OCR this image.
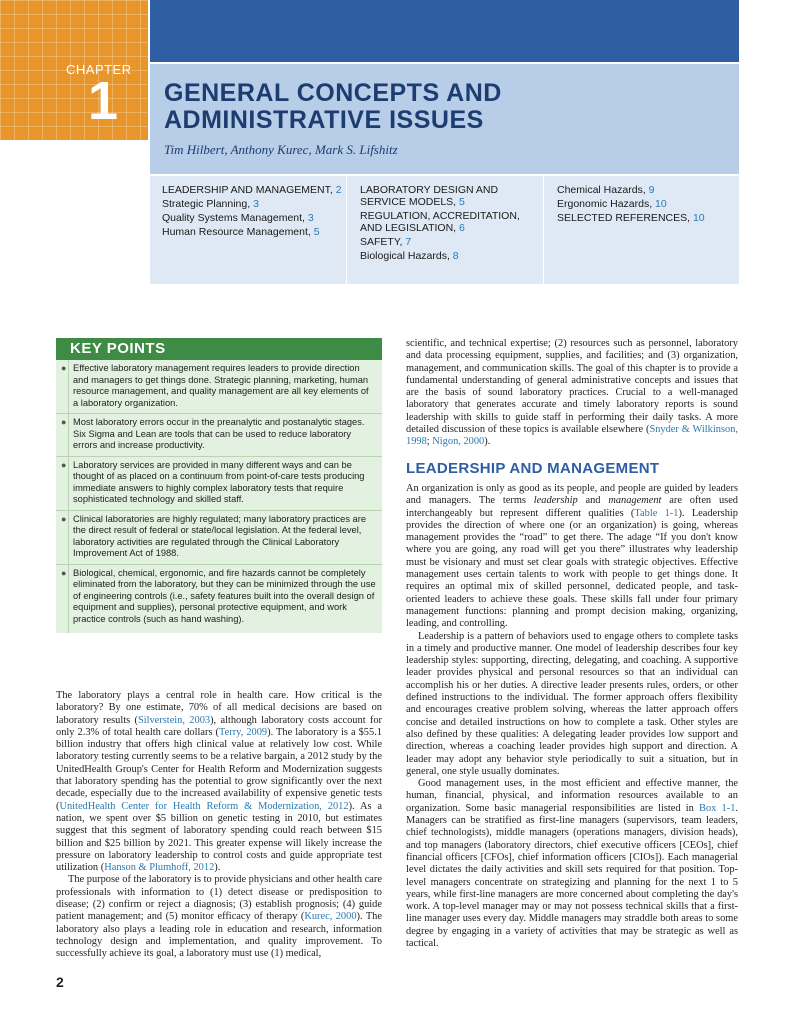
CHAPTER
1 GENERAL CONCEPTS AND
ADMINISTRATIVE ISSUES
Tim Hilbert, Anthony Kurec, Mark S. Lifshitz
LEADERSHIP AND MANAGEMENT, 2
Strategic Planning, 3
Quality Systems Management, 3
Human Resource Management, 5
LABORATORY DESIGN AND SERVICE MODELS, 5
REGULATION, ACCREDITATION, AND LEGISLATION, 6
SAFETY, 7
Biological Hazards, 8
Chemical Hazards, 9
Ergonomic Hazards, 10
SELECTED REFERENCES, 10
KEY POINTS
● Effective laboratory management requires leaders to provide direction and managers to get things done. Strategic planning, marketing, human resource management, and quality management are all key elements of a laboratory organization.
● Most laboratory errors occur in the preanalytic and postanalytic stages. Six Sigma and Lean are tools that can be used to reduce laboratory errors and increase productivity.
● Laboratory services are provided in many different ways and can be thought of as placed on a continuum from point-of-care tests producing immediate answers to highly complex laboratory tests that require sophisticated technology and skilled staff.
● Clinical laboratories are highly regulated; many laboratory practices are the direct result of federal or state/local legislation. At the federal level, laboratory activities are regulated through the Clinical Laboratory Improvement Act of 1988.
● Biological, chemical, ergonomic, and fire hazards cannot be completely eliminated from the laboratory, but they can be minimized through the use of engineering controls (i.e., safety features built into the overall design of equipment and supplies), personal protective equipment, and work practice controls (such as hand washing).

The laboratory plays a central role in health care. How critical is the laboratory? By one estimate, 70% of all medical decisions are based on laboratory results (Silverstein, 2003), although laboratory costs account for only 2.3% of total health care dollars (Terry, 2009). The laboratory is a $55.1 billion industry that offers high clinical value at relatively low cost. While laboratory testing currently seems to be a relative bargain, a 2012 study by the UnitedHealth Group's Center for Health Reform and Modernization suggests that laboratory spending has the potential to grow significantly over the next decade, especially due to the increased availability of expensive genetic tests (UnitedHealth Center for Health Reform & Modernization, 2012). As a nation, we spent over $5 billion on genetic testing in 2010, but estimates suggest that this segment of laboratory spending could reach between $15 billion and $25 billion by 2021. This greater expense will likely increase the pressure on laboratory leadership to control costs and guide appropriate test utilization (Hanson & Plumhoff, 2012).

The purpose of the laboratory is to provide physicians and other health care professionals with information to (1) detect disease or predisposition to disease; (2) confirm or reject a diagnosis; (3) establish prognosis; (4) guide patient management; and (5) monitor efficacy of therapy (Kurec, 2000). The laboratory also plays a leading role in education and research, information technology design and implementation, and quality improvement. To successfully achieve its goal, a laboratory must use (1) medical,

scientific, and technical expertise; (2) resources such as personnel, laboratory and data processing equipment, supplies, and facilities; and (3) organization, management, and communication skills. The goal of this chapter is to provide a fundamental understanding of general administrative concepts and issues that are the basis of sound laboratory practices. Crucial to a well-managed laboratory that generates accurate and timely laboratory reports is sound leadership with skills to guide staff in performing their daily tasks. A more detailed discussion of these topics is available elsewhere (Snyder & Wilkinson, 1998; Nigon, 2000).

LEADERSHIP AND MANAGEMENT

An organization is only as good as its people, and people are guided by leaders and managers. The terms leadership and management are often used interchangeably but represent different qualities (Table 1-1). Leadership provides the direction of where one (or an organization) is going, whereas management provides the “road” to get there. The adage “If you don't know where you are going, any road will get you there” illustrates why leadership must be visionary and must set clear goals with strategic objectives. Effective management uses certain talents to work with people to get things done. It requires an optimal mix of skilled personnel, dedicated people, and task-oriented leaders to achieve these goals. These skills fall under four primary management functions: planning and prompt decision making, organizing, leading, and controlling.

Leadership is a pattern of behaviors used to engage others to complete tasks in a timely and productive manner. One model of leadership describes four key leadership styles: supporting, directing, delegating, and coaching. A supportive leader provides physical and personal resources so that an individual can accomplish his or her duties. A directive leader presents rules, orders, or other defined instructions to the individual. The former approach offers flexibility and encourages creative problem solving, whereas the latter approach offers concise and detailed instructions on how to complete a task. Other styles are also defined by these qualities: A delegating leader provides low support and direction, whereas a coaching leader provides high support and direction. A leader may adopt any behavior style periodically to suit a situation, but in general, one style usually dominates.

Good management uses, in the most efficient and effective manner, the human, financial, physical, and information resources available to an organization. Some basic managerial responsibilities are listed in Box 1-1. Managers can be stratified as first-line managers (supervisors, team leaders, chief technologists), middle managers (operations managers, division heads), and top managers (laboratory directors, chief executive officers [CEOs], chief financial officers [CFOs], chief information officers [CIOs]). Each managerial level dictates the daily activities and skill sets required for that position. Top-level managers concentrate on strategizing and planning for the next 1 to 5 years, while first-line managers are more concerned about completing the day's work. A top-level manager may or may not possess technical skills that a first-line manager uses every day. Middle managers may straddle both areas to some degree by engaging in a variety of activities that may be strategic as well as tactical.

2
